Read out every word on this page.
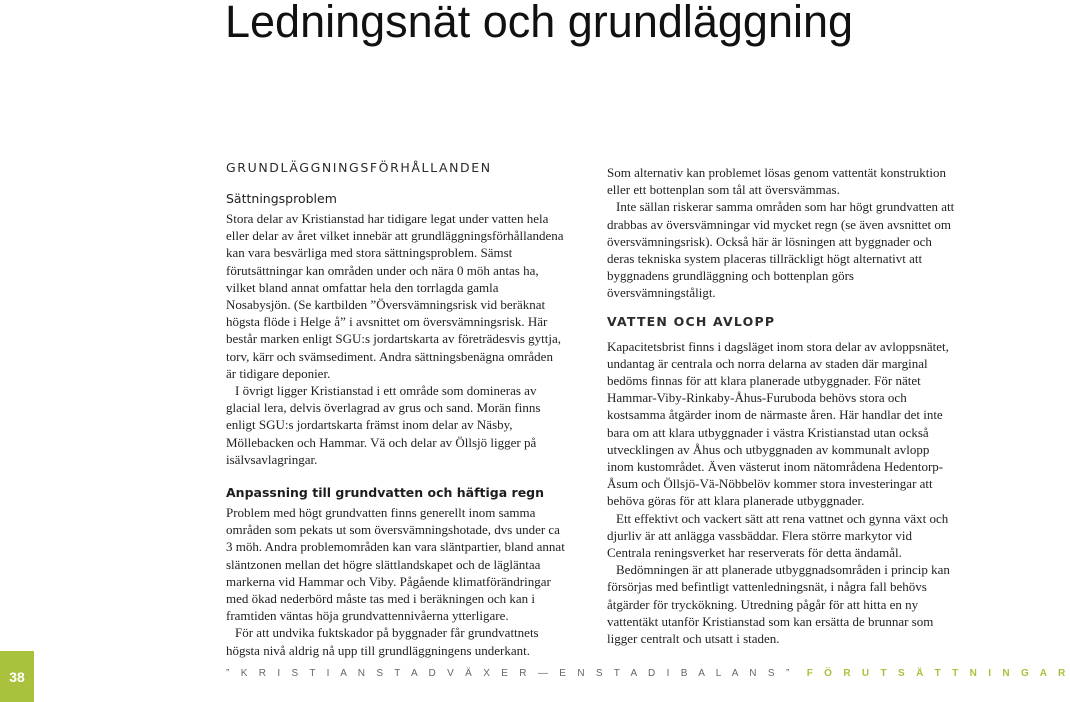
Ledningsnät och grundläggning
GRUNDLÄGGNINGSFÖRHÅLLANDEN
Sättningsproblem

Stora delar av Kristianstad har tidigare legat under vatten hela eller delar av året vilket innebär att grundläggningsförhållandena kan vara besvärliga med stora sättningsproblem. Sämst förutsättningar kan områden under och nära 0 möh antas ha, vilket bland annat omfattar hela den torrlagda gamla Nosabysjön. (Se kartbilden ”Översvämningsrisk vid beräknat högsta flöde i Helge å” i avsnittet om översvämningsrisk. Här består marken enligt SGU:s jordartskarta av företrädesvis gyttja, torv, kärr och svämsediment. Andra sättningsbenägna områden är tidigare deponier.

I övrigt ligger Kristianstad i ett område som domineras av glacial lera, delvis överlagrad av grus och sand. Morän finns enligt SGU:s jordartskarta främst inom delar av Näsby, Möllebacken och Hammar. Vä och delar av Öllsjö ligger på isälvsavlagringar.

Anpassning till grundvatten och häftiga regn

Problem med högt grundvatten finns generellt inom samma områden som pekats ut som översvämningshotade, dvs under ca 3 möh. Andra problemområden kan vara släntpartier, bland annat släntzonen mellan det högre slättlandskapet och de lägläntaa markerna vid Hammar och Viby. Pågående klimatförändringar med ökad nederbörd måste tas med i beräkningen och kan i framtiden väntas höja grundvattennivåerna ytterligare.

För att undvika fuktskador på byggnader får grundvattnets högsta nivå aldrig nå upp till grundläggningens underkant.

Som alternativ kan problemet lösas genom vattentät konstruktion eller ett bottenplan som tål att översvämmas.

Inte sällan riskerar samma områden som har högt grundvatten att drabbas av översvämningar vid mycket regn (se även avsnittet om översvämningsrisk). Också här är lösningen att byggnader och deras tekniska system placeras tillräckligt högt alternativt att byggnadens grundläggning och bottenplan görs översvämningståligt.

VATTEN OCH AVLOPP

Kapacitetsbrist finns i dagsläget inom stora delar av avloppsnätet, undantag är centrala och norra delarna av staden där marginal bedöms finnas för att klara planerade utbyggnader. För nätet Hammar-Viby-Rinkaby-Åhus-Furuboda behövs stora och kostsamma åtgärder inom de närmaste åren. Här handlar det inte bara om att klara utbyggnader i västra Kristianstad utan också utvecklingen av Åhus och utbyggnaden av kommunalt avlopp inom kustområdet. Även västerut inom nätområdena Hedentorp-Åsum och Öllsjö-Vä-Nöbbelöv kommer stora investeringar att behöva göras för att klara planerade utbyggnader.

Ett effektivt och vackert sätt att rena vattnet och gynna växt och djurliv är att anlägga vassbäddar. Flera större markytor vid Centrala reningsverket har reserverats för detta ändamål.

Bedömningen är att planerade utbyggnadsområden i princip kan försörjas med befintligt vattenledningsnät, i några fall behövs åtgärder för tryckökning. Utredning pågår för att hitta en ny vattentäkt utanför Kristianstad som kan ersätta de brunnar som ligger centralt och utsatt i staden.

38	” K R I S T I A N S T A D V Ä X E R — E N S T A D I B A L A N S ” F Ö R U T S Ä T T N I N G A R
